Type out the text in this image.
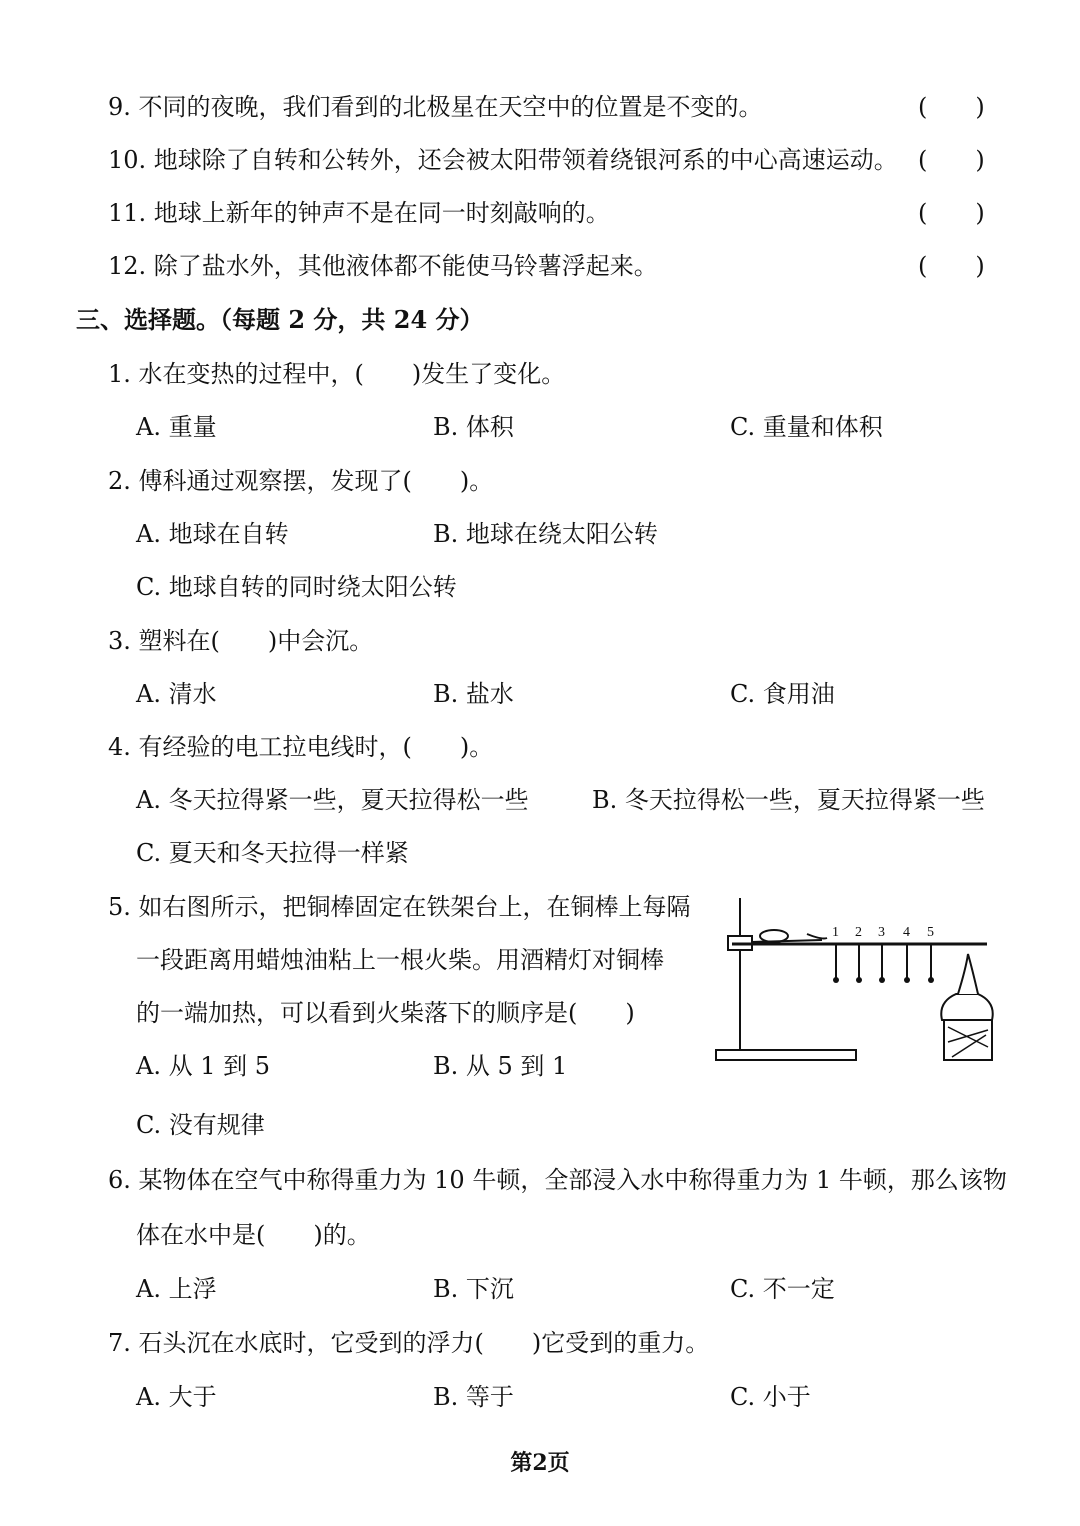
9. 不同的夜晚，我们看到的北极星在天空中的位置是不变的。	(　　)
10. 地球除了自转和公转外，还会被太阳带领着绕银河系的中心高速运动。 (　　)
11. 地球上新年的钟声不是在同一时刻敲响的。	(　　)
12. 除了盐水外，其他液体都不能使马铃薯浮起来。	(　　)
三、选择题。（每题 2 分，共 24 分）
1. 水在变热的过程中，(　　)发生了变化。
A. 重量	B. 体积	C. 重量和体积
2. 傅科通过观察摆，发现了(　　)。
A. 地球在自转	B. 地球在绕太阳公转
C. 地球自转的同时绕太阳公转
3. 塑料在(　　)中会沉。
A. 清水	B. 盐水	C. 食用油
4. 有经验的电工拉电线时，(　　)。
A. 冬天拉得紧一些，夏天拉得松一些	B. 冬天拉得松一些，夏天拉得紧一些
C. 夏天和冬天拉得一样紧
5. 如右图所示，把铜棒固定在铁架台上，在铜棒上每隔
一段距离用蜡烛油粘上一根火柴。用酒精灯对铜棒
的一端加热，可以看到火柴落下的顺序是(　　)
A. 从 1 到 5	B. 从 5 到 1
C. 没有规律
1 2 3 4 5
6. 某物体在空气中称得重力为 10 牛顿，全部浸入水中称得重力为 1 牛顿，那么该物
体在水中是(　　)的。
A. 上浮	B. 下沉	C. 不一定
7. 石头沉在水底时，它受到的浮力(　　)它受到的重力。
A. 大于	B. 等于	C. 小于
第2页
